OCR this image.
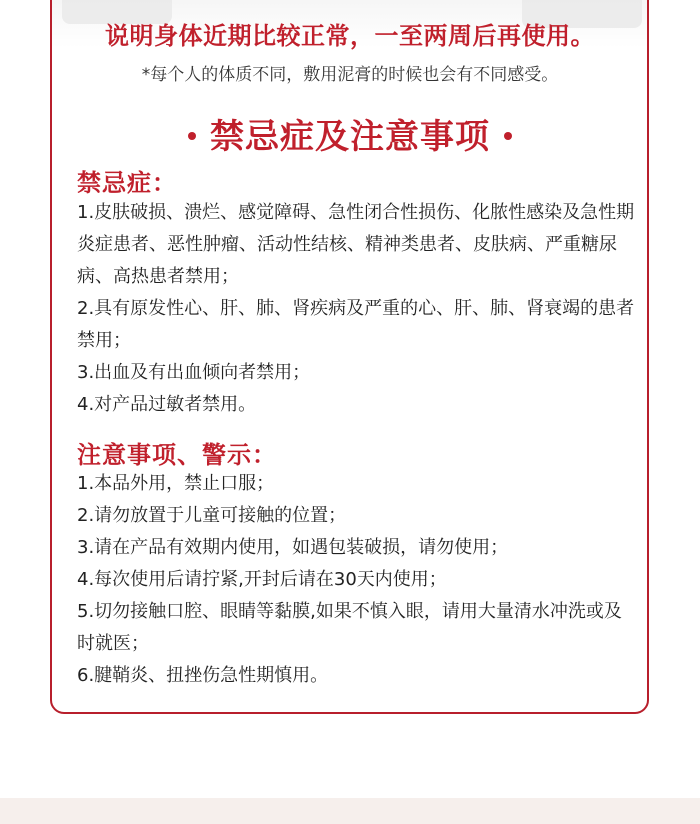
说明身体近期比较正常，一至两周后再使用。
*每个人的体质不同，敷用泥膏的时候也会有不同感受。
禁忌症及注意事项
禁忌症：
1.皮肤破损、溃烂、感觉障碍、急性闭合性损伤、化脓性感染及急性期炎症患者、恶性肿瘤、活动性结核、精神类患者、皮肤病、严重糖尿病、高热患者禁用；
2.具有原发性心、肝、肺、肾疾病及严重的心、肝、肺、肾衰竭的患者禁用；
3.出血及有出血倾向者禁用；
4.对产品过敏者禁用。
注意事项、警示：
1.本品外用，禁止口服；
2.请勿放置于儿童可接触的位置；
3.请在产品有效期内使用，如遇包装破损，请勿使用；
4.每次使用后请拧紧,开封后请在30天内使用；
5.切勿接触口腔、眼睛等黏膜,如果不慎入眼，请用大量清水冲洗或及时就医；
6.腱鞘炎、扭挫伤急性期慎用。
